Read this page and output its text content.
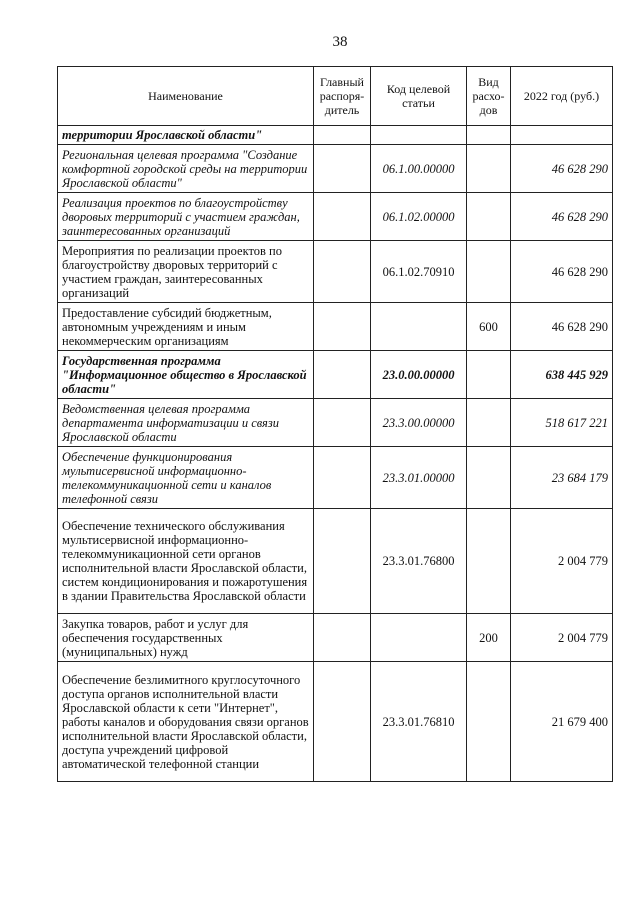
38
Наименование	Главный распоря-дитель	Код целевой статьи	Вид расхо-дов	2022 год (руб.)
территории Ярославской области"				
Региональная целевая программа "Создание комфортной городской среды на территории Ярославской области"		06.1.00.00000		46 628 290
Реализация проектов по благоустройству дворовых территорий с участием граждан, заинтересованных организаций		06.1.02.00000		46 628 290
Мероприятия по реализации проектов по благоустройству дворовых территорий с участием граждан, заинтересованных организаций		06.1.02.70910		46 628 290
Предоставление субсидий бюджетным, автономным учреждениям и иным некоммерческим организациям			600	46 628 290
Государственная программа "Информационное общество в Ярославской области"		23.0.00.00000		638 445 929
Ведомственная целевая программа департамента информатизации и связи Ярославской области		23.3.00.00000		518 617 221
Обеспечение функционирования мультисервисной информационно-телекоммуникационной сети и каналов телефонной связи		23.3.01.00000		23 684 179
Обеспечение технического обслуживания мультисервисной информационно-телекоммуникационной сети органов исполнительной власти Ярославской области, систем кондиционирования и пожаротушения в здании Правительства Ярославской области		23.3.01.76800		2 004 779
Закупка товаров, работ и услуг для обеспечения государственных (муниципальных) нужд			200	2 004 779
Обеспечение безлимитного круглосуточного доступа органов исполнительной власти Ярославской области к сети "Интернет", работы каналов и оборудования связи органов исполнительной власти Ярославской области, доступа учреждений цифровой автоматической телефонной станции		23.3.01.76810		21 679 400
